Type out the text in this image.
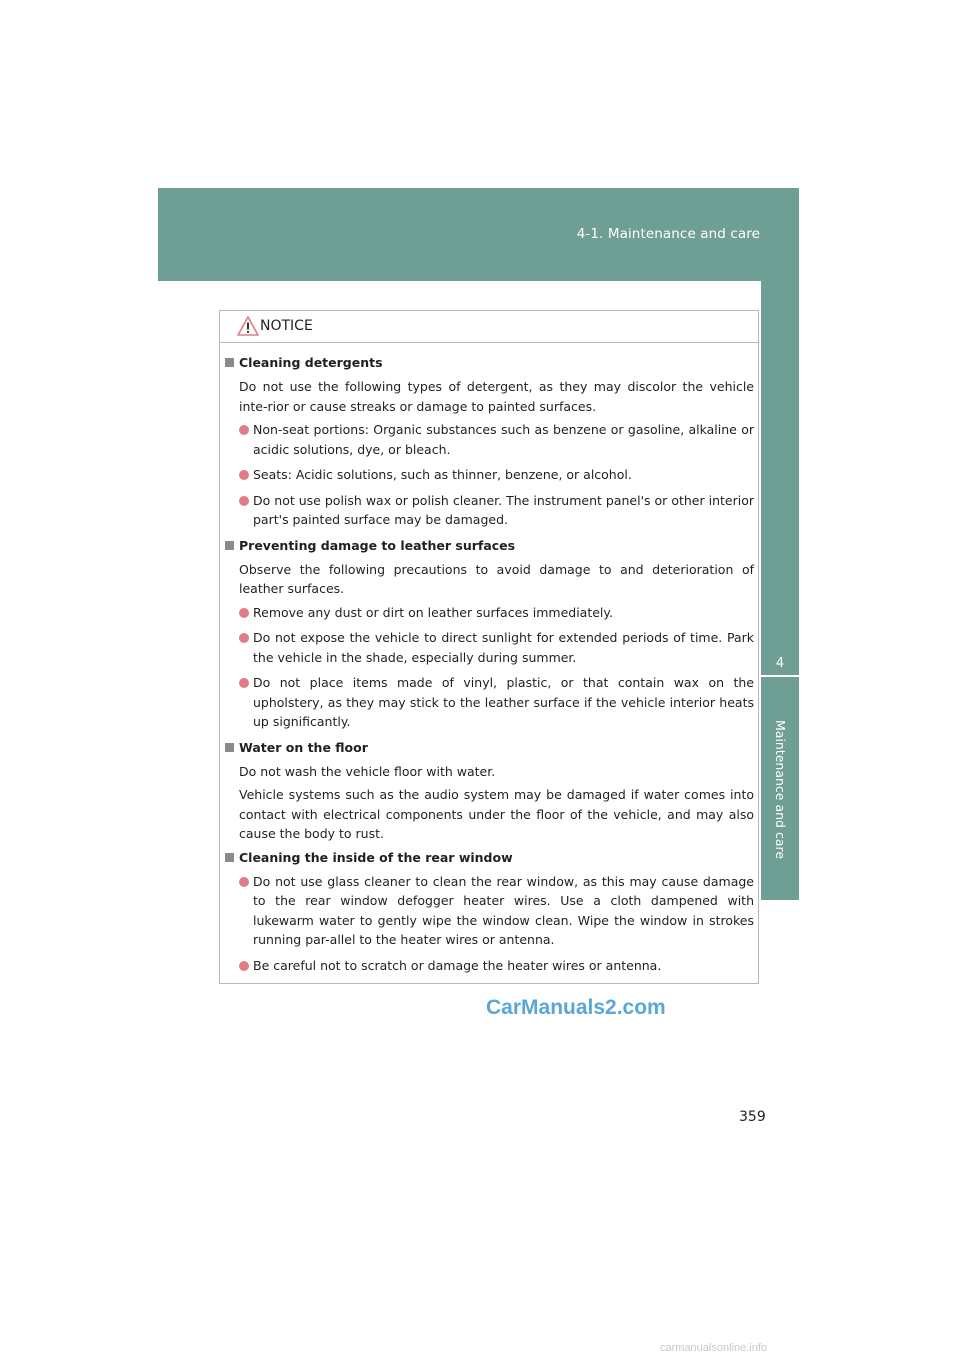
4-1. Maintenance and care
4
Maintenance and care
NOTICE
Cleaning detergents
Do not use the following types of detergent, as they may discolor the vehicle inte-rior or cause streaks or damage to painted surfaces.
Non-seat portions: Organic substances such as benzene or gasoline, alkaline or acidic solutions, dye, or bleach.
Seats: Acidic solutions, such as thinner, benzene, or alcohol.
Do not use polish wax or polish cleaner. The instrument panel's or other interior part's painted surface may be damaged.
Preventing damage to leather surfaces
Observe the following precautions to avoid damage to and deterioration of leather surfaces.
Remove any dust or dirt on leather surfaces immediately.
Do not expose the vehicle to direct sunlight for extended periods of time. Park the vehicle in the shade, especially during summer.
Do not place items made of vinyl, plastic, or that contain wax on the upholstery, as they may stick to the leather surface if the vehicle interior heats up significantly.
Water on the floor
Do not wash the vehicle floor with water.
Vehicle systems such as the audio system may be damaged if water comes into contact with electrical components under the floor of the vehicle, and may also cause the body to rust.
Cleaning the inside of the rear window
Do not use glass cleaner to clean the rear window, as this may cause damage to the rear window defogger heater wires. Use a cloth dampened with lukewarm water to gently wipe the window clean. Wipe the window in strokes running par-allel to the heater wires or antenna.
Be careful not to scratch or damage the heater wires or antenna.
CarManuals2.com
359
carmanualsonline.info
